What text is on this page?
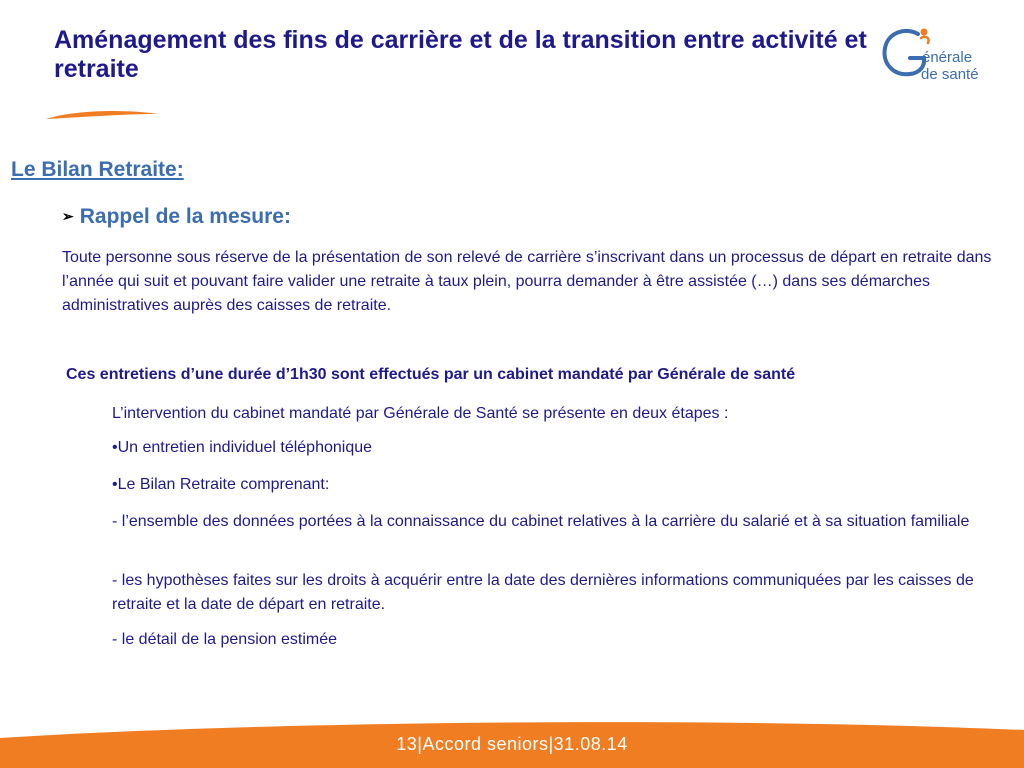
Aménagement des fins de carrière et de la transition entre activité et retraite	énérale
de santé
Le Bilan Retraite:
➢ Rappel de la mesure:
Toute personne sous réserve de la présentation de son relevé de carrière s’inscrivant dans un processus de départ en retraite dans l’année qui suit et pouvant faire valider une retraite à taux plein, pourra demander à être assistée (…) dans ses démarches administratives auprès des caisses de retraite.
Ces entretiens d’une durée d’1h30 sont effectués par un cabinet mandaté par Générale de santé
L’intervention du cabinet mandaté par Générale de Santé se présente en deux étapes :
•Un entretien individuel téléphonique
•Le Bilan Retraite comprenant:
- l’ensemble des données portées à la connaissance du cabinet relatives à la carrière du salarié et à sa situation familiale
- les hypothèses faites sur les droits à acquérir entre la date des dernières informations communiquées par les caisses de retraite et la date de départ en retraite.
- le détail de la pension estimée
13|Accord seniors|31.08.14
